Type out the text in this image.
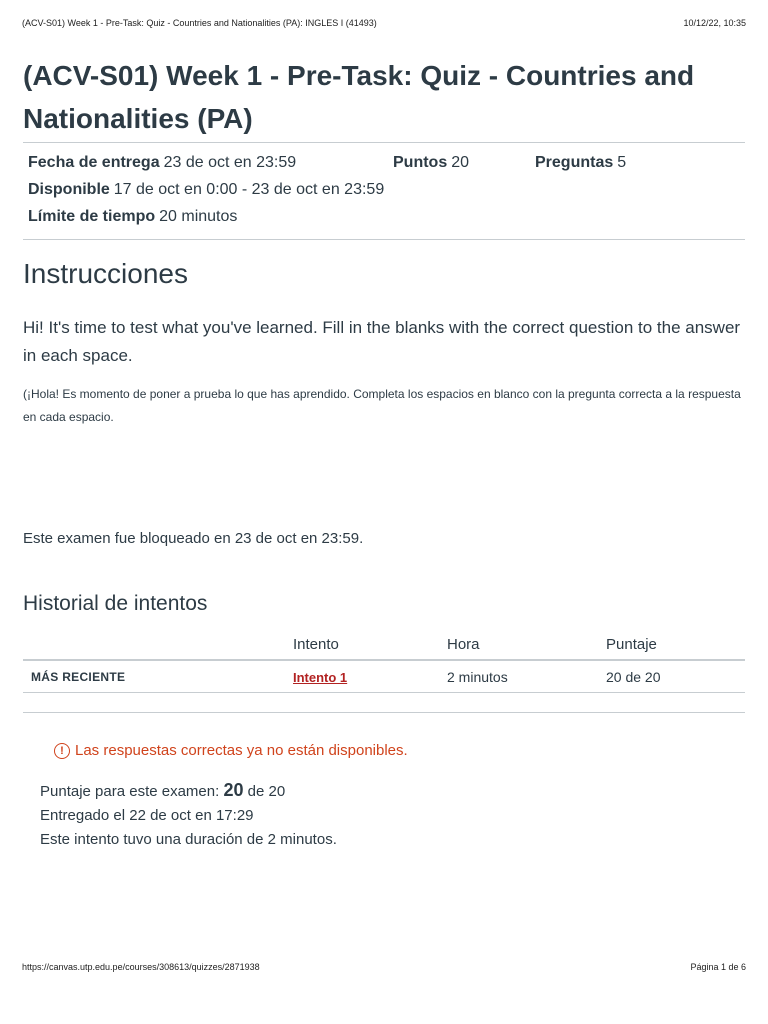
(ACV-S01) Week 1 - Pre-Task: Quiz - Countries and Nationalities (PA): INGLES I (41493)	10/12/22, 10:35
(ACV-S01) Week 1 - Pre-Task: Quiz - Countries and Nationalities (PA)
Fecha de entrega 23 de oct en 23:59	Puntos 20	Preguntas 5
Disponible 17 de oct en 0:00 - 23 de oct en 23:59
Límite de tiempo 20 minutos
Instrucciones
Hi! It's time to test what you've learned. Fill in the blanks with the correct question to the answer in each space.
(¡Hola! Es momento de poner a prueba lo que has aprendido. Completa los espacios en blanco con la pregunta correcta a la respuesta en cada espacio.
Este examen fue bloqueado en 23 de oct en 23:59.
Historial de intentos
	Intento	Hora	Puntaje
MÁS RECIENTE	Intento 1	2 minutos	20 de 20
! Las respuestas correctas ya no están disponibles.
Puntaje para este examen: 20 de 20
Entregado el 22 de oct en 17:29
Este intento tuvo una duración de 2 minutos.
https://canvas.utp.edu.pe/courses/308613/quizzes/2871938	Página 1 de 6
